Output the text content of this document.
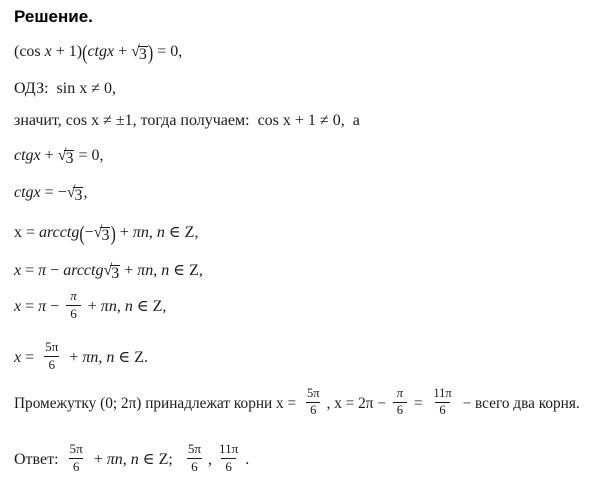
Решение.
(cos x + 1)(ctgx + √3) = 0,
ОДЗ:  sin x ≠ 0,
значит, cos x ≠ ±1, тогда получаем:  cos x + 1 ≠ 0,  а
ctgx + √3 = 0,
ctgx = −√3,
x = arcctg(−√3) + πn, n ∈ Z,
x = π − arcctg√3 + πn, n ∈ Z,
$x = \pi - \frac{\pi}{6} + \pi n$, n ∈ Z,
$x = \frac{5\pi}{6} + \pi n$, n ∈ Z.
Промежутку (0; 2π) принадлежат корни $x = \frac{5\pi}{6}$ , $x = 2\pi - \frac{\pi}{6} = \frac{11\pi}{6}$ − всего два корня.
Ответ: $\frac{5\pi}{6} + \pi n$, n ∈ Z; $\frac{5\pi}{6}$ , $\frac{11\pi}{6}$ .
